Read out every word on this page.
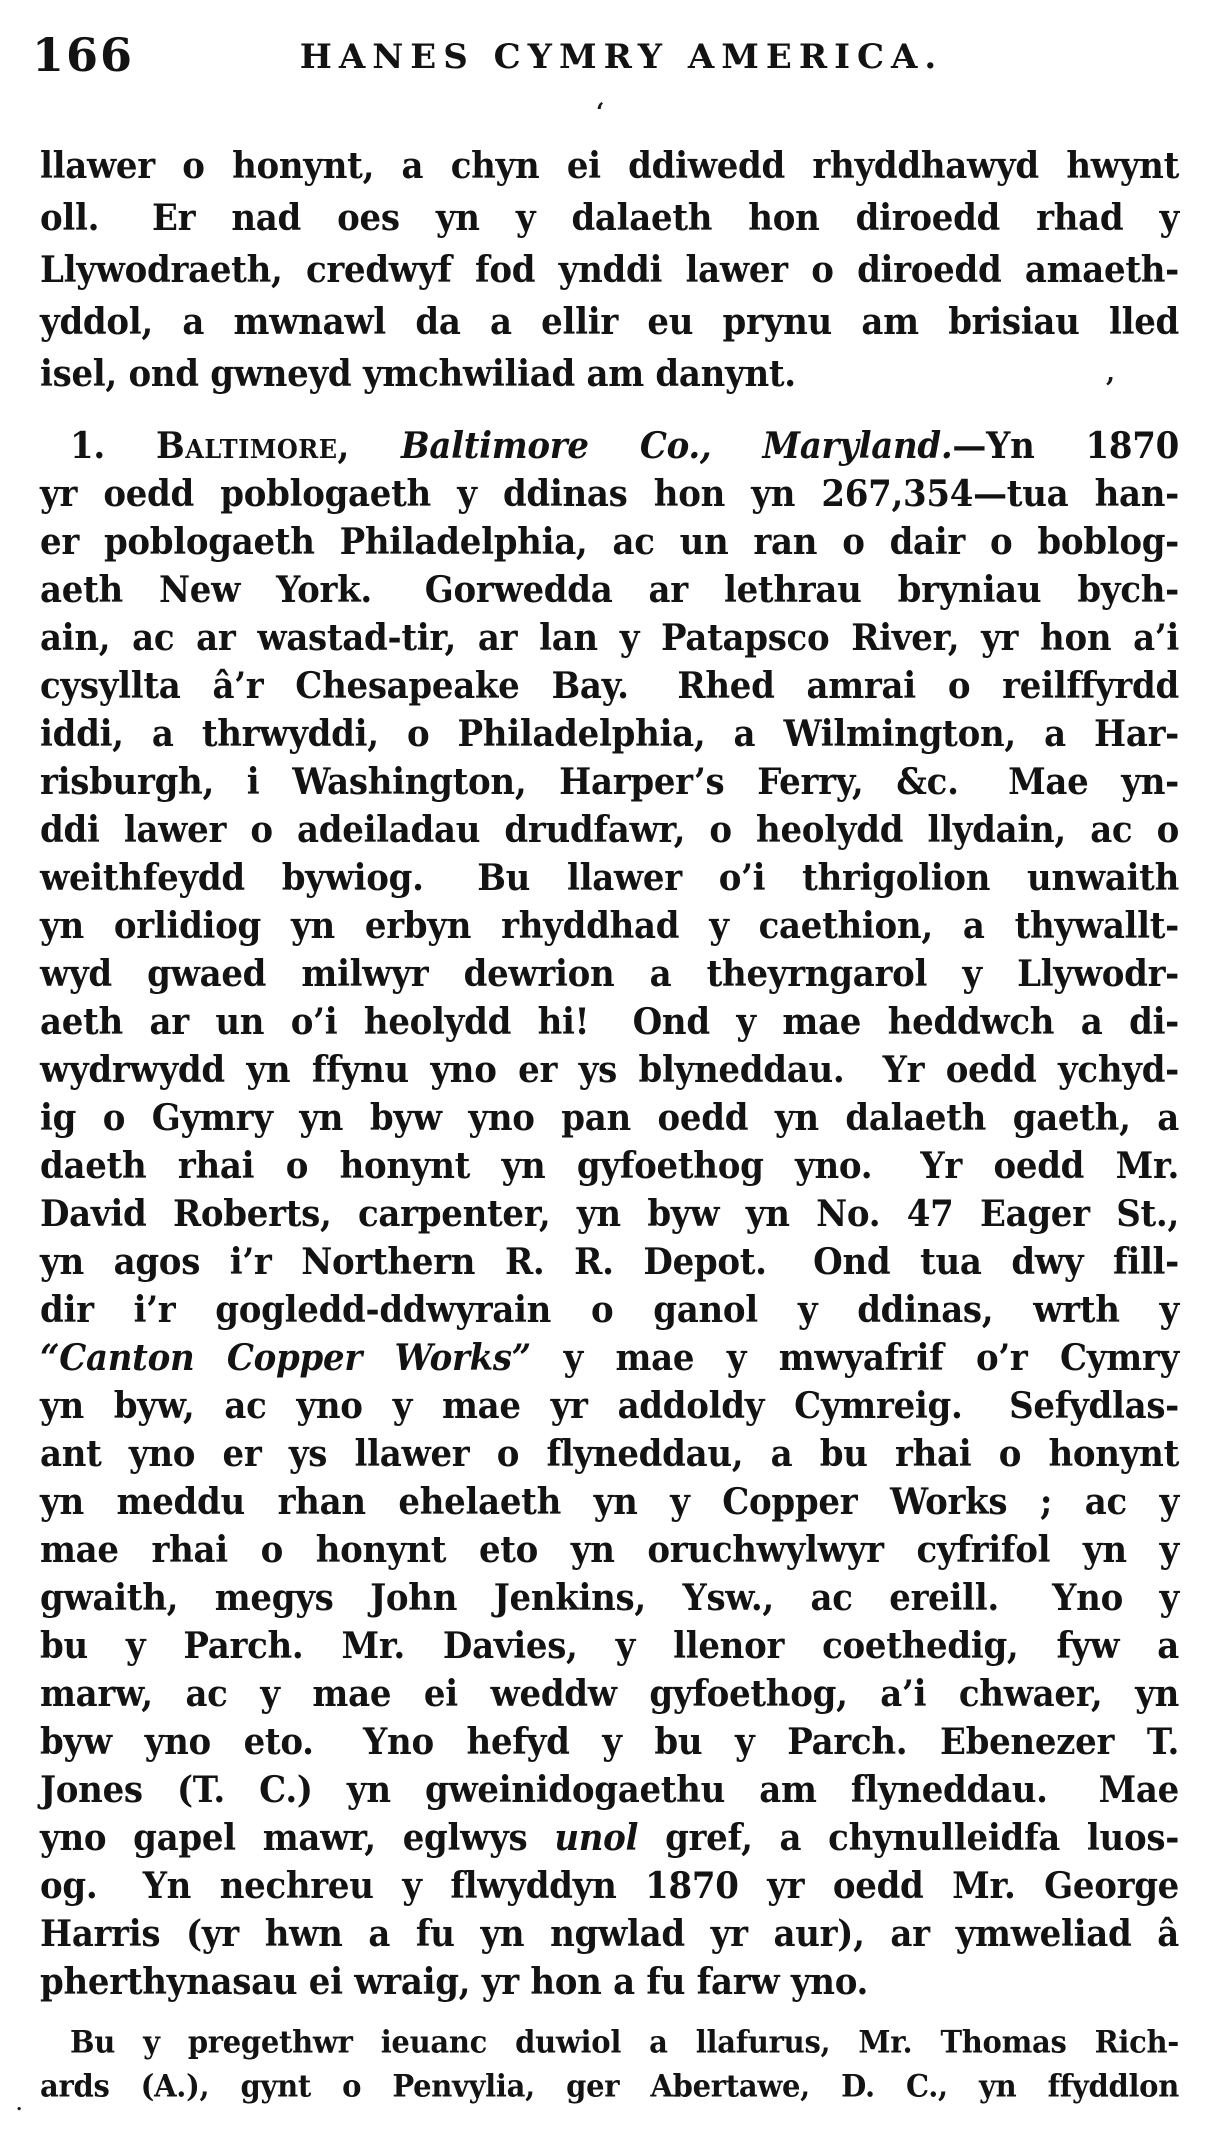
166	HANES CYMRY AMERICA.
llawer o honynt, a chyn ei ddiwedd rhyddhawyd hwynt
oll.  Er nad oes yn y dalaeth hon diroedd rhad y
Llywodraeth, credwyf fod ynddi lawer o diroedd amaeth-
yddol, a mwnawl da a ellir eu prynu am brisiau lled
isel, ond gwneyd ymchwiliad am danynt.
1. Baltimore, Baltimore Co., Maryland.—Yn 1870
yr oedd poblogaeth y ddinas hon yn 267,354—tua han-
er poblogaeth Philadelphia, ac un ran o dair o boblog-
aeth New York.  Gorwedda ar lethrau bryniau bych-
ain, ac ar wastad-tir, ar lan y Patapsco River, yr hon a’i
cysyllta â’r Chesapeake Bay.  Rhed amrai o reilffyrdd
iddi, a thrwyddi, o Philadelphia, a Wilmington, a Har-
risburgh, i Washington, Harper’s Ferry, &c.  Mae yn-
ddi lawer o adeiladau drudfawr, o heolydd llydain, ac o
weithfeydd bywiog.  Bu llawer o’i thrigolion unwaith
yn orlidiog yn erbyn rhyddhad y caethion, a thywallt-
wyd gwaed milwyr dewrion a theyrngarol y Llywodr-
aeth ar un o’i heolydd hi!  Ond y mae heddwch a di-
wydrwydd yn ffynu yno er ys blyneddau.  Yr oedd ychyd-
ig o Gymry yn byw yno pan oedd yn dalaeth gaeth, a
daeth rhai o honynt yn gyfoethog yno.  Yr oedd Mr.
David Roberts, carpenter, yn byw yn No. 47 Eager St.,
yn agos i’r Northern R. R. Depot.  Ond tua dwy fill-
dir i’r gogledd-ddwyrain o ganol y ddinas, wrth y
“Canton Copper Works” y mae y mwyafrif o’r Cymry
yn byw, ac yno y mae yr addoldy Cymreig.  Sefydlas-
ant yno er ys llawer o flyneddau, a bu rhai o honynt
yn meddu rhan ehelaeth yn y Copper Works ; ac y
mae rhai o honynt eto yn oruchwylwyr cyfrifol yn y
gwaith, megys John Jenkins, Ysw., ac ereill.  Yno y
bu y Parch. Mr. Davies, y llenor coethedig, fyw a
marw, ac y mae ei weddw gyfoethog, a’i chwaer, yn
byw yno eto.  Yno hefyd y bu y Parch. Ebenezer T.
Jones (T. C.) yn gweinidogaethu am flyneddau.  Mae
yno gapel mawr, eglwys unol gref, a chynulleidfa luos-
og.  Yn nechreu y flwyddyn 1870 yr oedd Mr. George
Harris (yr hwn a fu yn ngwlad yr aur), ar ymweliad â
pherthynasau ei wraig, yr hon a fu farw yno.
Bu y pregethwr ieuanc duwiol a llafurus, Mr. Thomas Rich-
ards (A.), gynt o Penvylia, ger Abertawe, D. C., yn ffyddlon
‘
,
.
